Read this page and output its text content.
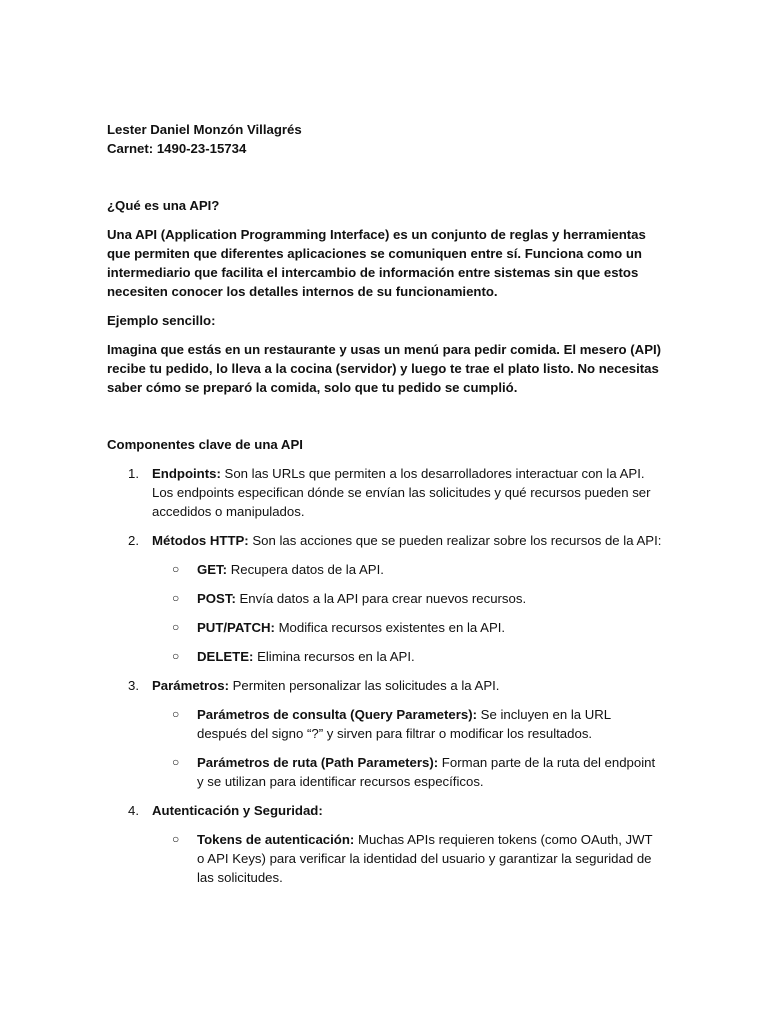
Lester Daniel Monzón Villagrés
Carnet: 1490-23-15734

¿Qué es una API?

Una API (Application Programming Interface) es un conjunto de reglas y herramientas que permiten que diferentes aplicaciones se comuniquen entre sí. Funciona como un intermediario que facilita el intercambio de información entre sistemas sin que estos necesiten conocer los detalles internos de su funcionamiento.

Ejemplo sencillo:

Imagina que estás en un restaurante y usas un menú para pedir comida. El mesero (API) recibe tu pedido, lo lleva a la cocina (servidor) y luego te trae el plato listo. No necesitas saber cómo se preparó la comida, solo que tu pedido se cumplió.

Componentes clave de una API

1. Endpoints: Son las URLs que permiten a los desarrolladores interactuar con la API. Los endpoints especifican dónde se envían las solicitudes y qué recursos pueden ser accedidos o manipulados.
2. Métodos HTTP: Son las acciones que se pueden realizar sobre los recursos de la API:
○ GET: Recupera datos de la API.
○ POST: Envía datos a la API para crear nuevos recursos.
○ PUT/PATCH: Modifica recursos existentes en la API.
○ DELETE: Elimina recursos en la API.
3. Parámetros: Permiten personalizar las solicitudes a la API.
○ Parámetros de consulta (Query Parameters): Se incluyen en la URL después del signo “?” y sirven para filtrar o modificar los resultados.
○ Parámetros de ruta (Path Parameters): Forman parte de la ruta del endpoint y se utilizan para identificar recursos específicos.
4. Autenticación y Seguridad:
○ Tokens de autenticación: Muchas APIs requieren tokens (como OAuth, JWT o API Keys) para verificar la identidad del usuario y garantizar la seguridad de las solicitudes.
